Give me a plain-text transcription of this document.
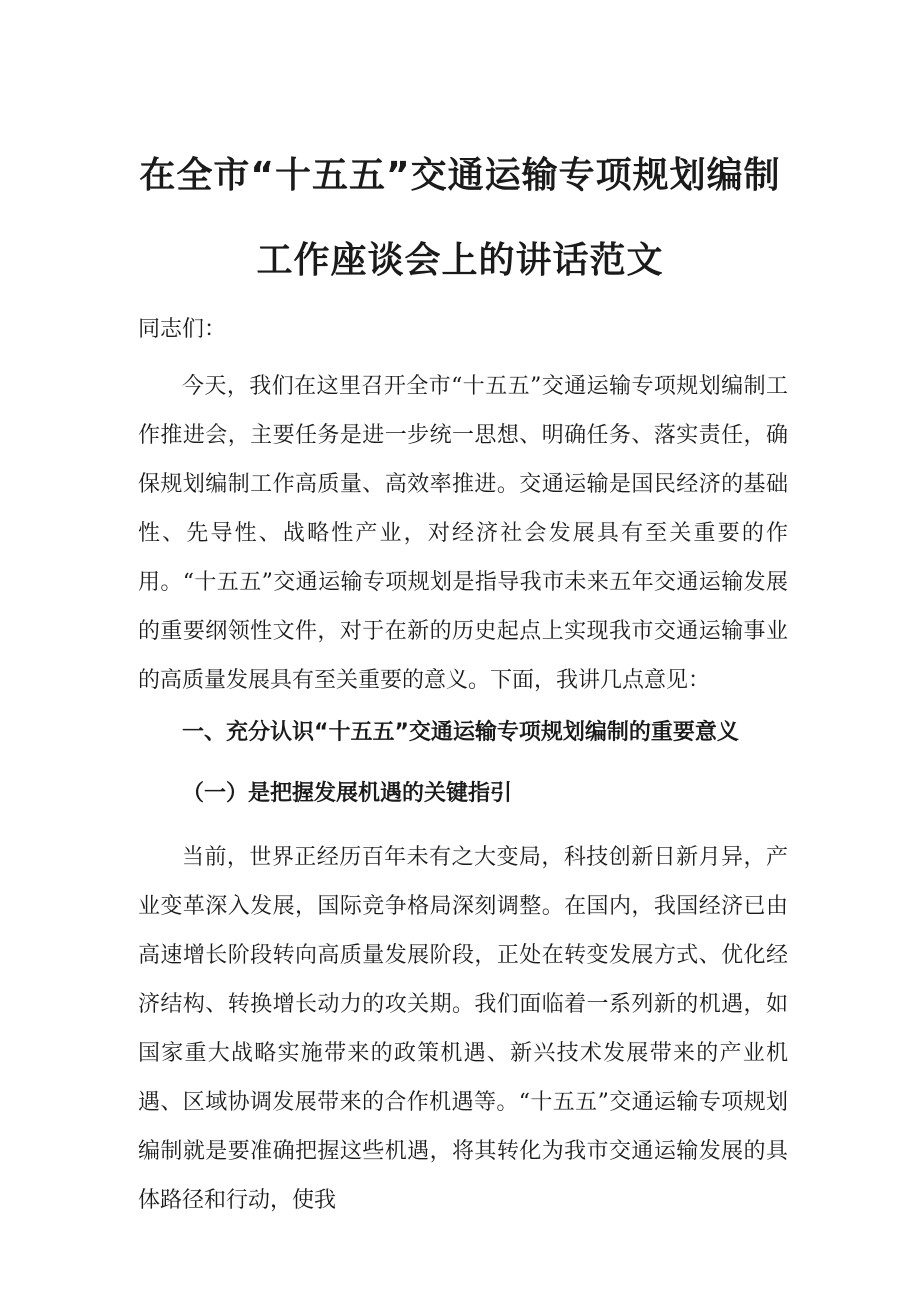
在全市“十五五”交通运输专项规划编制
工作座谈会上的讲话范文

同志们：

今天，我们在这里召开全市“十五五”交通运输专项规划编制工作推进会，主要任务是进一步统一思想、明确任务、落实责任，确保规划编制工作高质量、高效率推进。交通运输是国民经济的基础性、先导性、战略性产业，对经济社会发展具有至关重要的作用。“十五五”交通运输专项规划是指导我市未来五年交通运输发展的重要纲领性文件，对于在新的历史起点上实现我市交通运输事业的高质量发展具有至关重要的意义。下面，我讲几点意见：

一、充分认识“十五五”交通运输专项规划编制的重要意义
（一）是把握发展机遇的关键指引

当前，世界正经历百年未有之大变局，科技创新日新月异，产业变革深入发展，国际竞争格局深刻调整。在国内，我国经济已由高速增长阶段转向高质量发展阶段，正处在转变发展方式、优化经济结构、转换增长动力的攻关期。我们面临着一系列新的机遇，如国家重大战略实施带来的政策机遇、新兴技术发展带来的产业机遇、区域协调发展带来的合作机遇等。“十五五”交通运输专项规划编制就是要准确把握这些机遇，将其转化为我市交通运输发展的具体路径和行动，使我
